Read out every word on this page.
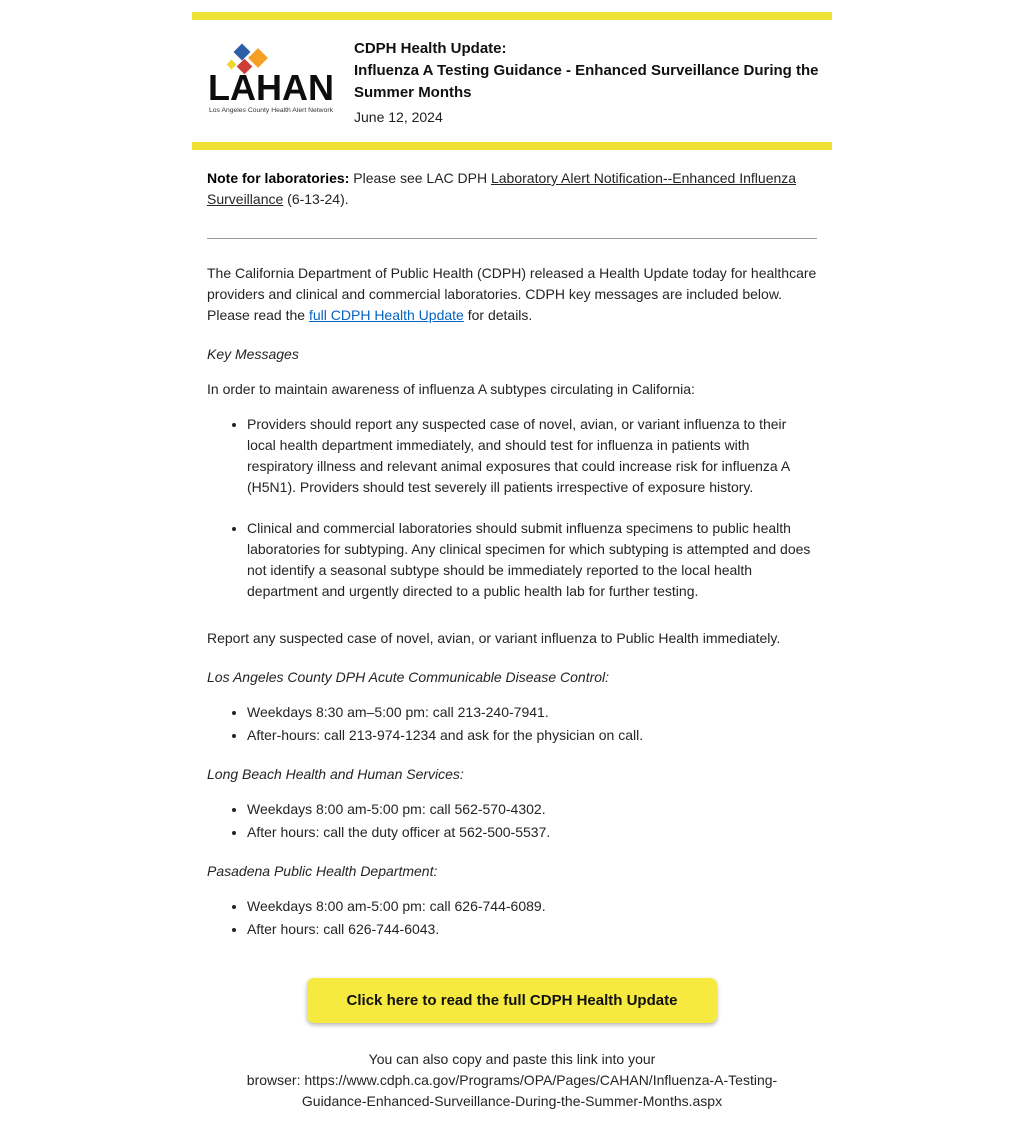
LAHAN
Los Angeles County Health Alert Network
CDPH Health Update:
Influenza A Testing Guidance - Enhanced Surveillance During the Summer Months
June 12, 2024

Note for laboratories: Please see LAC DPH Laboratory Alert Notification--Enhanced Influenza Surveillance (6-13-24).

The California Department of Public Health (CDPH) released a Health Update today for healthcare providers and clinical and commercial laboratories. CDPH key messages are included below. Please read the full CDPH Health Update for details.

Key Messages

In order to maintain awareness of influenza A subtypes circulating in California:

• Providers should report any suspected case of novel, avian, or variant influenza to their local health department immediately, and should test for influenza in patients with respiratory illness and relevant animal exposures that could increase risk for influenza A (H5N1). Providers should test severely ill patients irrespective of exposure history.
• Clinical and commercial laboratories should submit influenza specimens to public health laboratories for subtyping. Any clinical specimen for which subtyping is attempted and does not identify a seasonal subtype should be immediately reported to the local health department and urgently directed to a public health lab for further testing.

Report any suspected case of novel, avian, or variant influenza to Public Health immediately.

Los Angeles County DPH Acute Communicable Disease Control:

• Weekdays 8:30 am–5:00 pm: call 213-240-7941.
• After-hours: call 213-974-1234 and ask for the physician on call.

Long Beach Health and Human Services:

• Weekdays 8:00 am-5:00 pm: call 562-570-4302.
• After hours: call the duty officer at 562-500-5537.

Pasadena Public Health Department:

• Weekdays 8:00 am-5:00 pm: call 626-744-6089.
• After hours: call 626-744-6043.
Click here to read the full CDPH Health Update

You can also copy and paste this link into your
browser: https://www.cdph.ca.gov/Programs/OPA/Pages/CAHAN/Influenza-A-Testing-Guidance-Enhanced-Surveillance-During-the-Summer-Months.aspx
